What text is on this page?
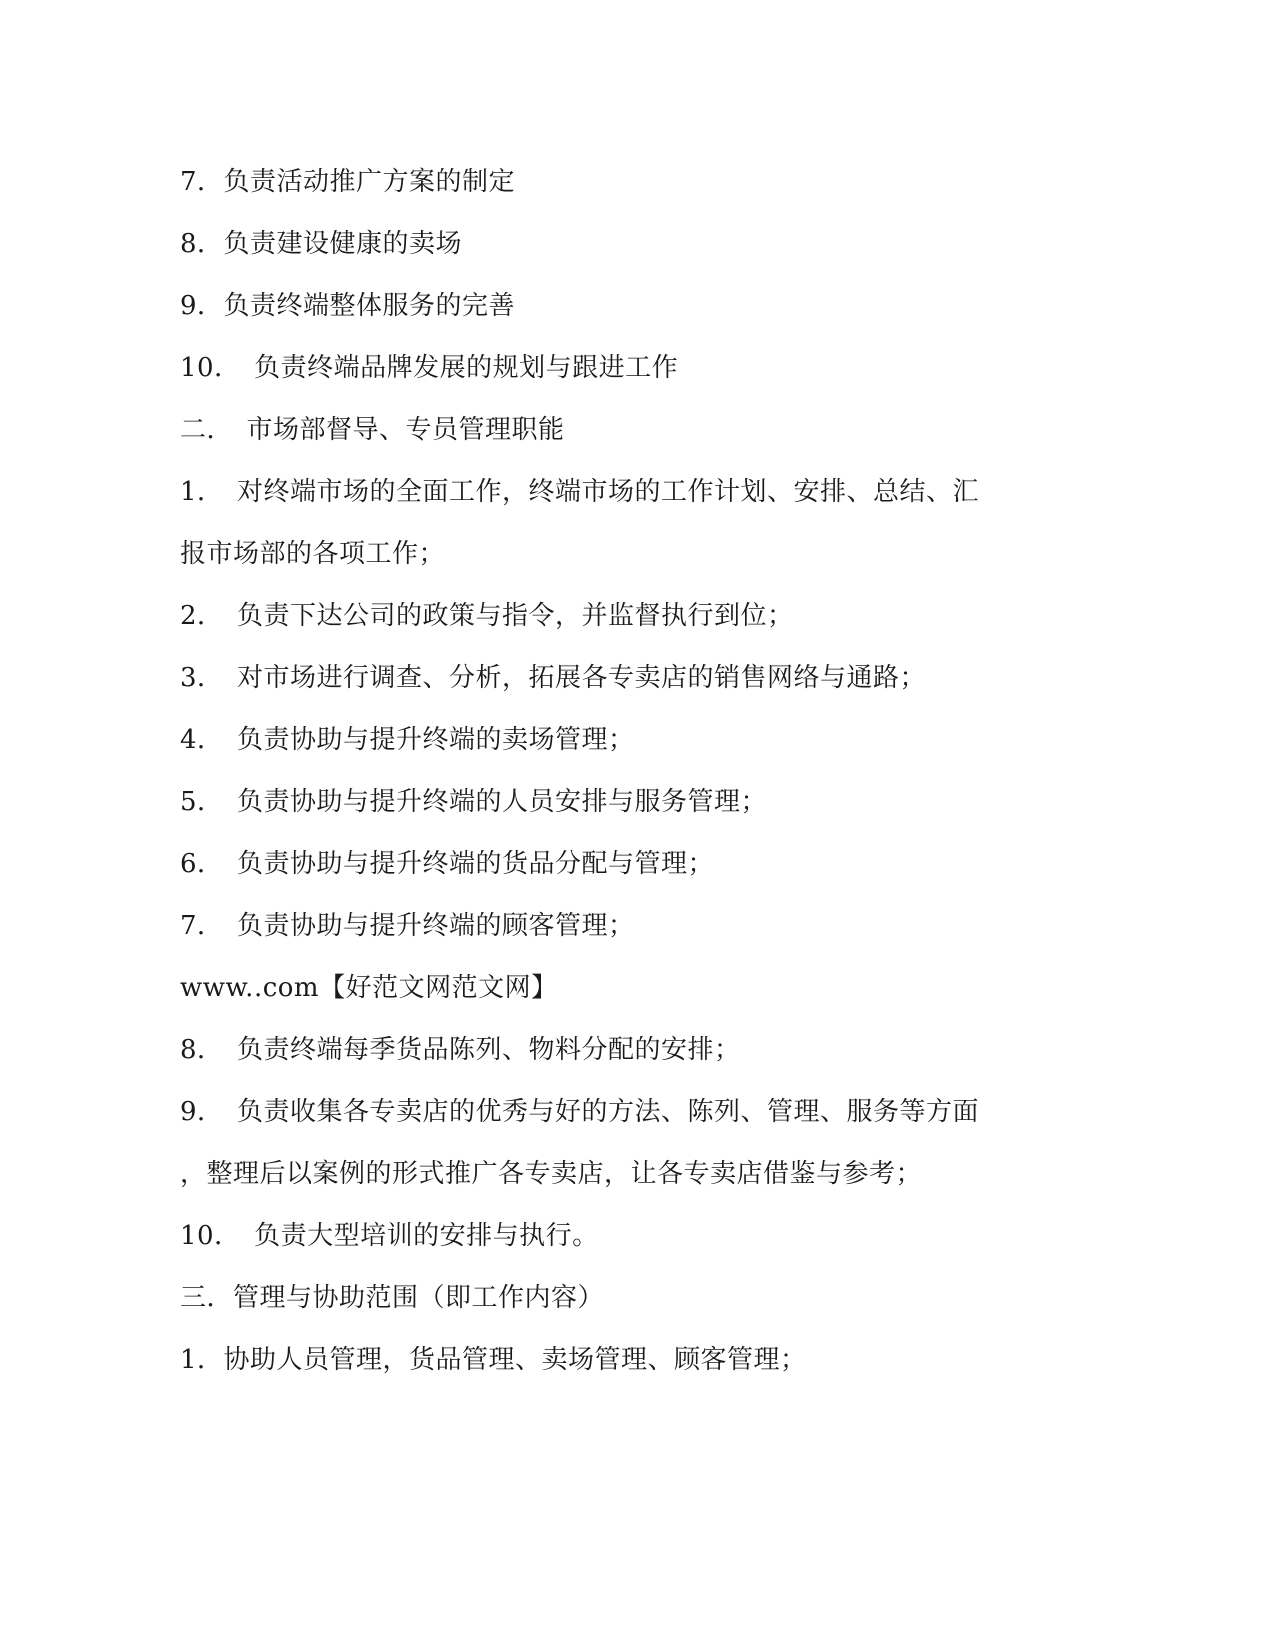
7．负责活动推广方案的制定
8．负责建设健康的卖场
9．负责终端整体服务的完善
10．　负责终端品牌发展的规划与跟进工作
二．　市场部督导、专员管理职能
1．　对终端市场的全面工作，终端市场的工作计划、安排、总结、汇
报市场部的各项工作；
2．　负责下达公司的政策与指令，并监督执行到位；
3．　对市场进行调查、分析，拓展各专卖店的销售网络与通路；
4．　负责协助与提升终端的卖场管理；
5．　负责协助与提升终端的人员安排与服务管理；
6．　负责协助与提升终端的货品分配与管理；
7．　负责协助与提升终端的顾客管理；
www..com【好范文网范文网】
8．　负责终端每季货品陈列、物料分配的安排；
9．　负责收集各专卖店的优秀与好的方法、陈列、管理、服务等方面
，整理后以案例的形式推广各专卖店，让各专卖店借鉴与参考；
10．　负责大型培训的安排与执行。
三．管理与协助范围（即工作内容）
1．协助人员管理，货品管理、卖场管理、顾客管理；
